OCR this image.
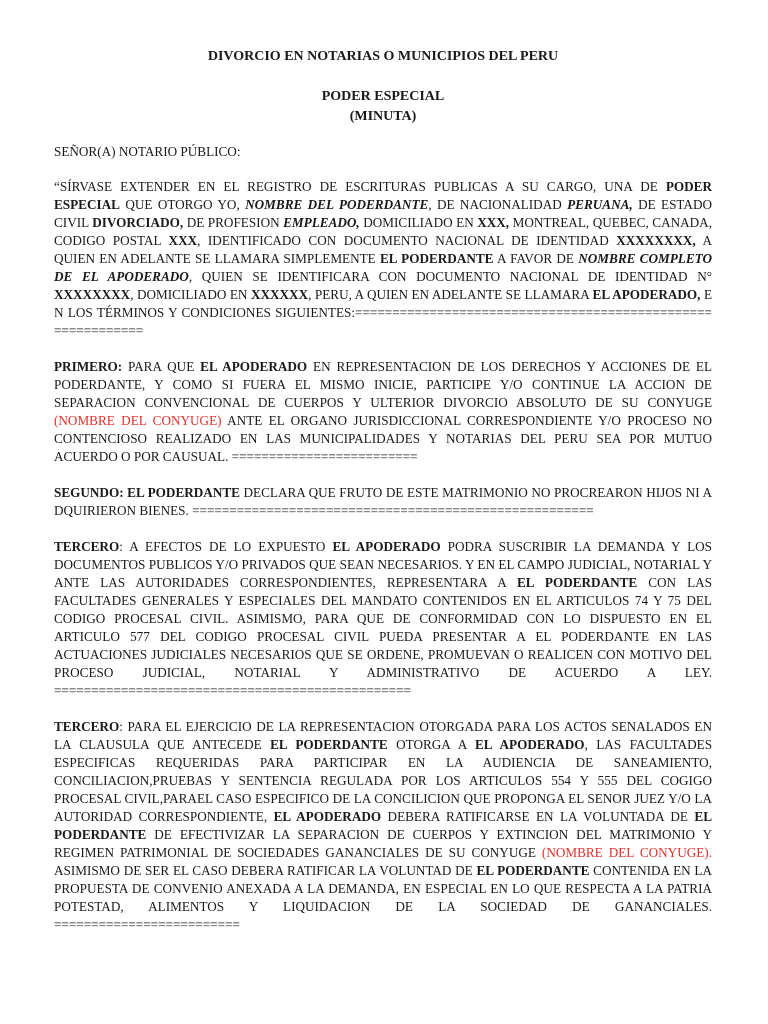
DIVORCIO EN NOTARIAS O MUNICIPIOS DEL PERU

PODER ESPECIAL

(MINUTA)

SEÑOR(A) NOTARIO PÚBLICO:

“SÍRVASE EXTENDER EN EL REGISTRO DE ESCRITURAS PUBLICAS A SU CARGO, UNA DE PODER ESPECIAL QUE OTORGO YO, NOMBRE DEL PODERDANTE, DE NACIONALIDAD PERUANA, DE ESTADO CIVIL DIVORCIADO, DE PROFESION EMPLEADO, DOMICILIADO EN XXX, MONTREAL, QUEBEC, CANADA, CODIGO POSTAL XXX, IDENTIFICADO CON DOCUMENTO NACIONAL DE IDENTIDAD XXXXXXXX, A QUIEN EN ADELANTE SE LLAMARA SIMPLEMENTE EL PODERDANTE A FAVOR DE NOMBRE COMPLETO DE EL APODERADO, QUIEN SE IDENTIFICARA CON DOCUMENTO NACIONAL DE IDENTIDAD N° XXXXXXXX, DOMICILIADO EN XXXXXX, PERU, A QUIEN EN ADELANTE SE LLAMARA EL APODERADO, EN LOS TÉRMINOS Y CONDICIONES SIGUIENTES:============================================================

PRIMERO: PARA QUE EL APODERADO EN REPRESENTACION DE LOS DERECHOS Y ACCIONES DE EL PODERDANTE, Y COMO SI FUERA EL MISMO INICIE, PARTICIPE Y/O CONTINUE LA ACCION DE SEPARACION CONVENCIONAL DE CUERPOS Y ULTERIOR DIVORCIO ABSOLUTO DE SU CONYUGE (NOMBRE DEL CONYUGE) ANTE EL ORGANO JURISDICCIONAL CORRESPONDIENTE Y/O PROCESO NO CONTENCIOSO REALIZADO EN LAS MUNICIPALIDADES Y NOTARIAS DEL PERU SEA POR MUTUO ACUERDO O POR CAUSUAL. =========================

SEGUNDO: EL PODERDANTE DECLARA QUE FRUTO DE ESTE MATRIMONIO NO PROCREARON HIJOS NI ADQUIRIERON BIENES. ======================================================

TERCERO: A EFECTOS DE LO EXPUESTO EL APODERADO PODRA SUSCRIBIR LA DEMANDA Y LOS DOCUMENTOS PUBLICOS Y/O PRIVADOS QUE SEAN NECESARIOS. Y EN EL CAMPO JUDICIAL, NOTARIAL Y ANTE LAS AUTORIDADES CORRESPONDIENTES, REPRESENTARA A EL PODERDANTE CON LAS FACULTADES GENERALES Y ESPECIALES DEL MANDATO CONTENIDOS EN EL ARTICULOS 74 Y 75 DEL CODIGO PROCESAL CIVIL. ASIMISMO, PARA QUE DE CONFORMIDAD CON LO DISPUESTO EN EL ARTICULO 577 DEL CODIGO PROCESAL CIVIL PUEDA PRESENTAR A EL PODERDANTE EN LAS ACTUACIONES JUDICIALES NECESARIOS QUE SE ORDENE, PROMUEVAN O REALICEN CON MOTIVO DEL PROCESO JUDICIAL, NOTARIAL Y ADMINISTRATIVO DE ACUERDO A LEY. ================================================

TERCERO: PARA EL EJERCICIO DE LA REPRESENTACION OTORGADA PARA LOS ACTOS SENALADOS EN LA CLAUSULA QUE ANTECEDE EL PODERDANTE OTORGA A EL APODERADO, LAS FACULTADES ESPECIFICAS REQUERIDAS PARA PARTICIPAR EN LA AUDIENCIA DE SANEAMIENTO, CONCILIACION,PRUEBAS Y SENTENCIA REGULADA POR LOS ARTICULOS 554 Y 555 DEL COGIGO PROCESAL CIVIL,PARAEL CASO ESPECIFICO DE LA CONCILICION QUE PROPONGA EL SENOR JUEZ Y/O LA AUTORIDAD CORRESPONDIENTE, EL APODERADO DEBERA RATIFICARSE EN LA VOLUNTADA DE EL PODERDANTE DE EFECTIVIZAR LA SEPARACION DE CUERPOS Y EXTINCION DEL MATRIMONIO Y REGIMEN PATRIMONIAL DE SOCIEDADES GANANCIALES DE SU CONYUGE (NOMBRE DEL CONYUGE). ASIMISMO DE SER EL CASO DEBERA RATIFICAR LA VOLUNTAD DE EL PODERDANTE CONTENIDA EN LA PROPUESTA DE CONVENIO ANEXADA A LA DEMANDA, EN ESPECIAL EN LO QUE RESPECTA A LA PATRIA POTESTAD, ALIMENTOS Y LIQUIDACION DE LA SOCIEDAD DE GANANCIALES. =========================
